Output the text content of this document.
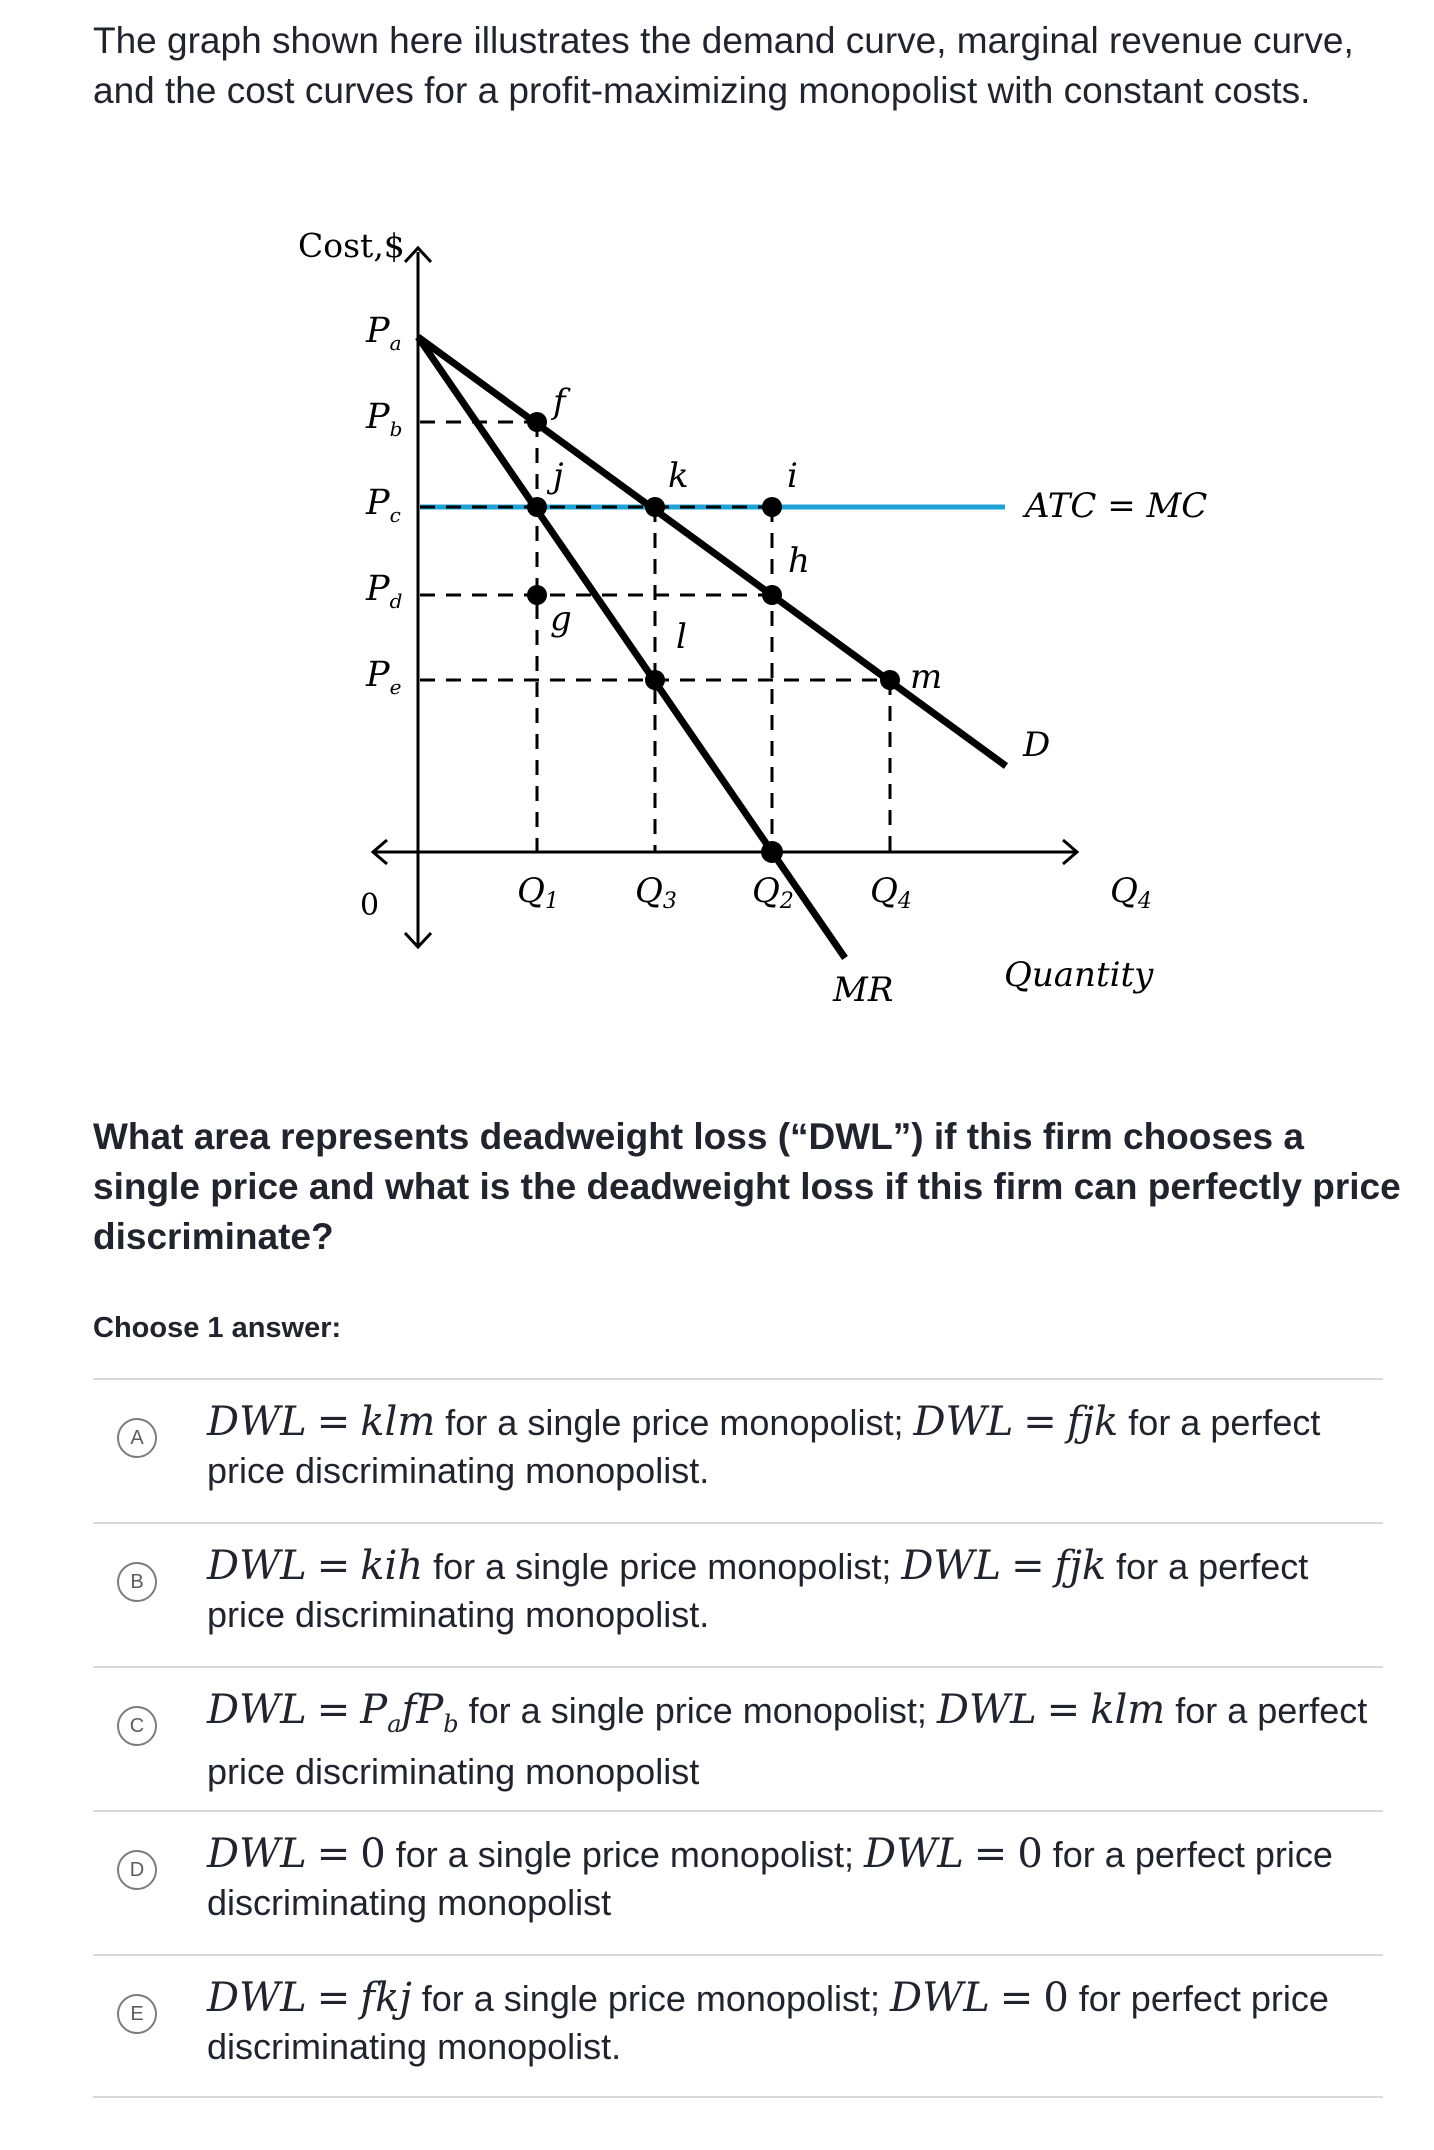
The graph shown here illustrates the demand curve, marginal revenue curve, and the cost curves for a profit-maximizing monopolist with constant costs.
Cost,$
0
Quantity
$P_a$
$P_b$
$P_c$
$P_d$
$P_e$
Q1 Q3 Q2 Q4	Q4
f
j	k	i
h
g	l
m
ATC = MC
D
MR
What area represents deadweight loss (“DWL”) if this firm chooses a single price and what is the deadweight loss if this firm can perfectly price discriminate?
Choose 1 answer:
A	DWL = klm for a single price monopolist; DWL = fjk for a perfect price discriminating monopolist.
B	DWL = kih for a single price monopolist; DWL = fjk for a perfect price discriminating monopolist.
C	DWL = $P_afP_b$ for a single price monopolist; DWL = klm for a perfect price discriminating monopolist
D	DWL = 0 for a single price monopolist; DWL = 0 for a perfect price discriminating monopolist
E	DWL = fkj for a single price monopolist; DWL = 0 for perfect price discriminating monopolist.
